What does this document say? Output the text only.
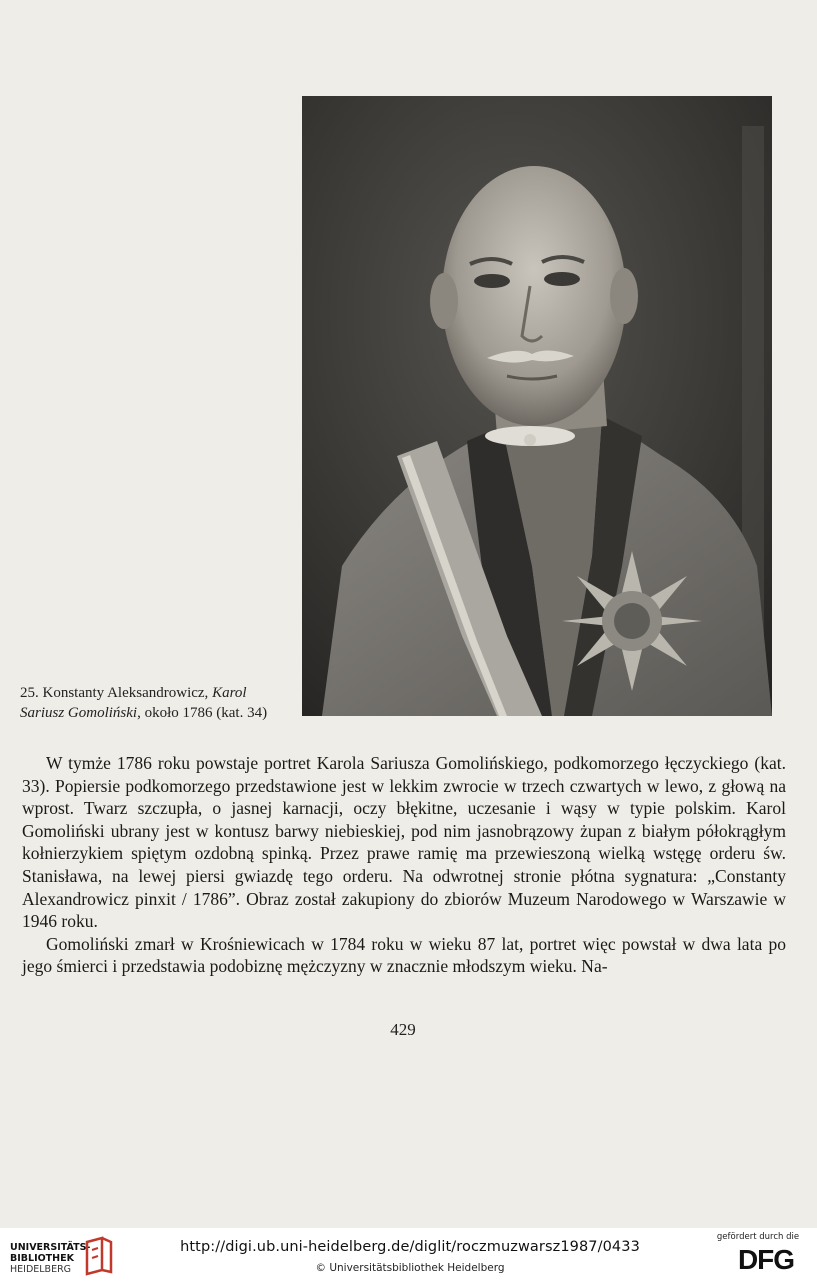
25. Konstanty Aleksandrowicz, Karol
Sariusz Gomoliński, około 1786 (kat. 34)

W tymże 1786 roku powstaje portret Karola Sariusza Gomolińskiego, podkomorzego łęczyckiego (kat. 33). Popiersie podkomorzego przedstawione jest w lekkim zwrocie w trzech czwartych w lewo, z głową na wprost. Twarz szczupła, o jasnej karnacji, oczy błękitne, uczesanie i wąsy w typie polskim. Karol Gomoliński ubrany jest w kontusz barwy niebieskiej, pod nim jasnobrązowy żupan z białym półokrągłym kołnierzykiem spiętym ozdobną spinką. Przez prawe ramię ma przewieszoną wielką wstęgę orderu św. Stanisława, na lewej piersi gwiazdę tego orderu. Na odwrotnej stronie płótna sygnatura: „Constanty Alexandrowicz pinxit / 1786”. Obraz został zakupiony do zbiorów Muzeum Narodowego w Warszawie w 1946 roku.

Gomoliński zmarł w Krośniewicach w 1784 roku w wieku 87 lat, portret więc powstał w dwa lata po jego śmierci i przedstawia podobiznę mężczyzny w znacznie młodszym wieku. Na-

429
UNIVERSITÄTS-
BIBLIOTHEK
HEIDELBERG
http://digi.ub.uni-heidelberg.de/diglit/roczmuzwarsz1987/0433
© Universitätsbibliothek Heidelberg
gefördert durch die
DFG
